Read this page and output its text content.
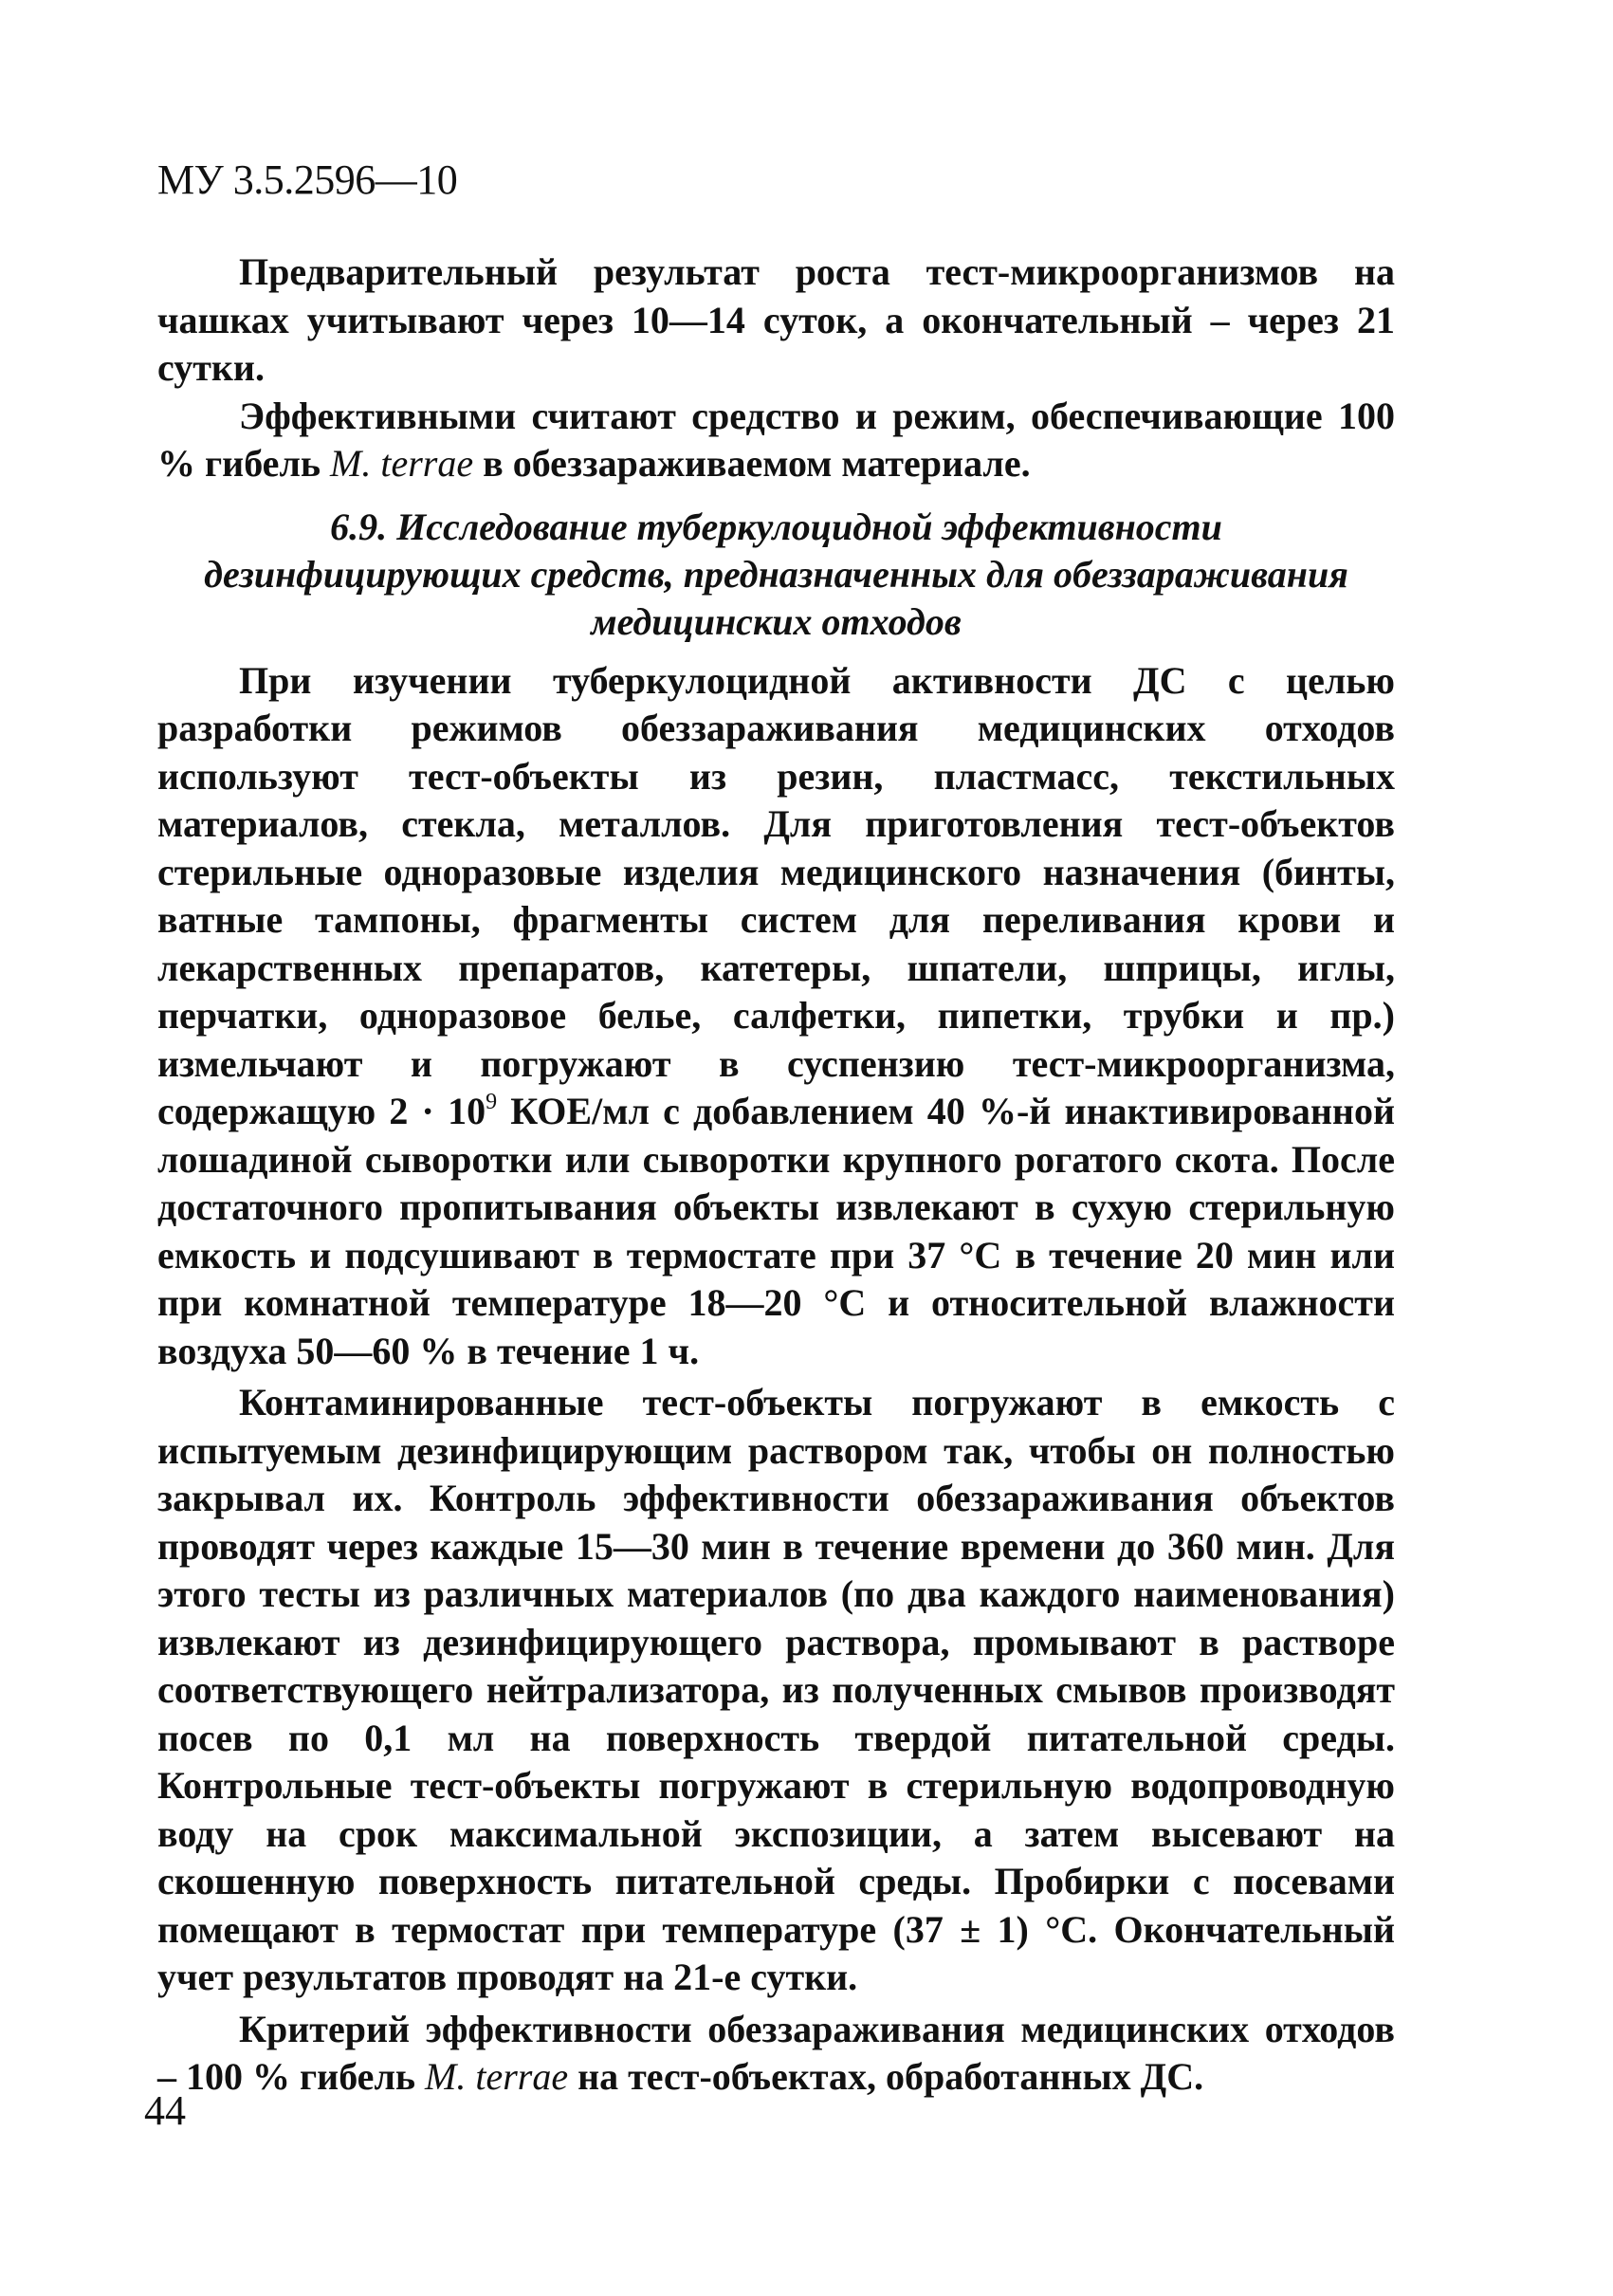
МУ 3.5.2596—10

Предварительный результат роста тест-микроорганизмов на чашках учитывают через 10—14 суток, а окончательный – через 21 сутки.

Эффективными считают средство и режим, обеспечивающие 100 % гибель M. terrae в обеззараживаемом материале.

6.9. Исследование туберкулоцидной эффективности
дезинфицирующих средств, предназначенных для обеззараживания
медицинских отходов

При изучении туберкулоцидной активности ДС с целью разработки режимов обеззараживания медицинских отходов используют тест-объекты из резин, пластмасс, текстильных материалов, стекла, металлов. Для приготовления тест-объектов стерильные одноразовые изделия медицинского назначения (бинты, ватные тампоны, фрагменты систем для переливания крови и лекарственных препаратов, катетеры, шпатели, шприцы, иглы, перчатки, одноразовое белье, салфетки, пипетки, трубки и пр.) измельчают и погружают в суспензию тест-микроорганизма, содержащую $2 \cdot 10^9$ КОЕ/мл с добавлением 40 %-й инактивированной лошадиной сыворотки или сыворотки крупного рогатого скота. После достаточного пропитывания объекты извлекают в сухую стерильную емкость и подсушивают в термостате при 37 °С в течение 20 мин или при комнатной температуре 18—20 °С и относительной влажности воздуха 50—60 % в течение 1 ч.

Контаминированные тест-объекты погружают в емкость с испытуемым дезинфицирующим раствором так, чтобы он полностью закрывал их. Контроль эффективности обеззараживания объектов проводят через каждые 15—30 мин в течение времени до 360 мин. Для этого тесты из различных материалов (по два каждого наименования) извлекают из дезинфицирующего раствора, промывают в растворе соответствующего нейтрализатора, из полученных смывов производят посев по 0,1 мл на поверхность твердой питательной среды. Контрольные тест-объекты погружают в стерильную водопроводную воду на срок максимальной экспозиции, а затем высевают на скошенную поверхность питательной среды. Пробирки с посевами помещают в термостат при температуре (37 ± 1) °С. Окончательный учет результатов проводят на 21-е сутки.

Критерий эффективности обеззараживания медицинских отходов – 100 % гибель M. terrae на тест-объектах, обработанных ДС.

44
